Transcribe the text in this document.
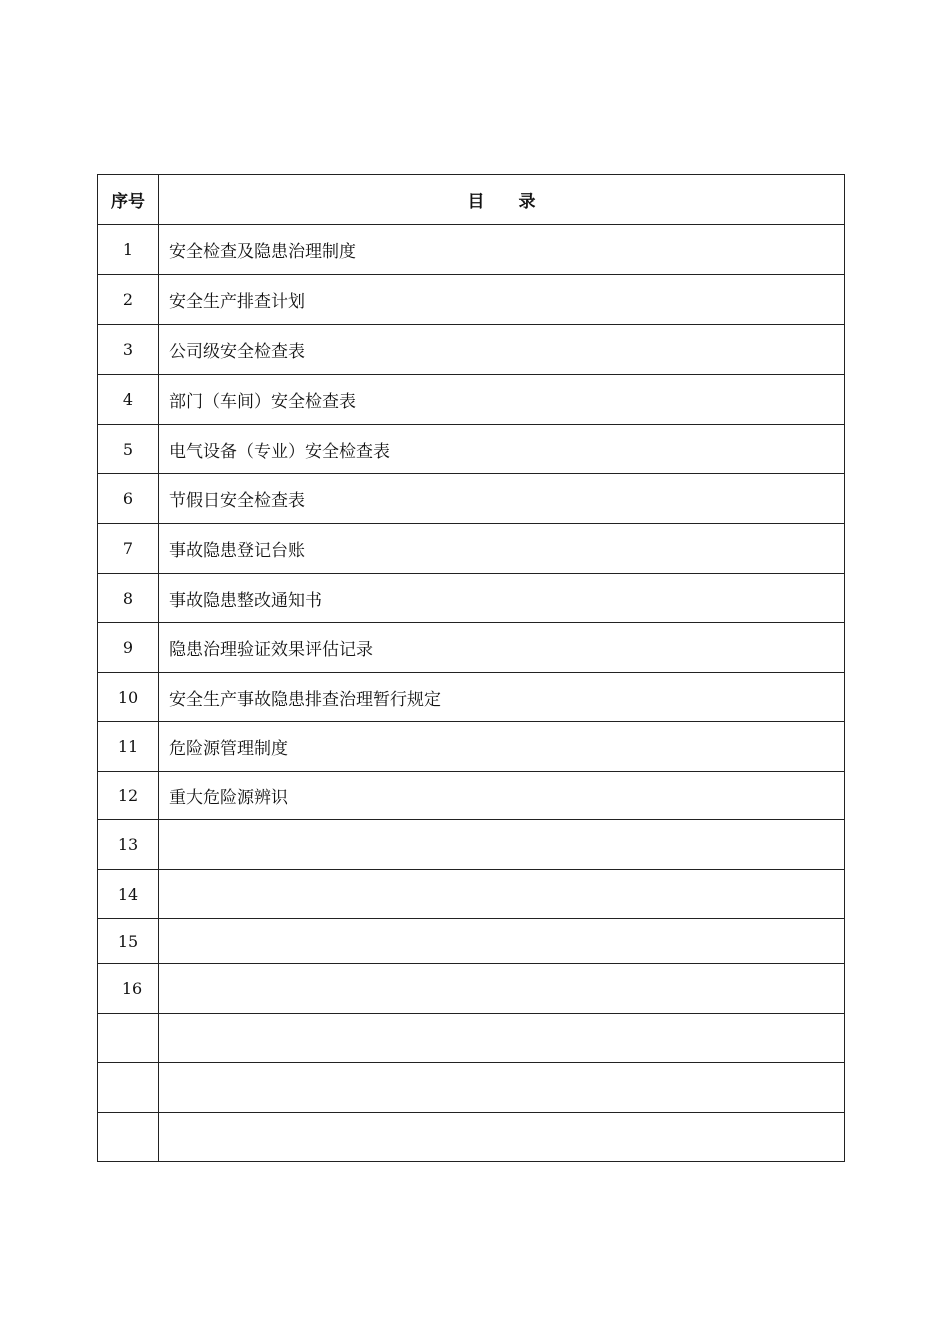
序号	目　　录
1	安全检查及隐患治理制度
2	安全生产排查计划
3	公司级安全检查表
4	部门（车间）安全检查表
5	电气设备（专业）安全检查表
6	节假日安全检查表
7	事故隐患登记台账
8	事故隐患整改通知书
9	隐患治理验证效果评估记录
10	安全生产事故隐患排查治理暂行规定
11	危险源管理制度
12	重大危险源辨识
13	
14	
15	
16	
